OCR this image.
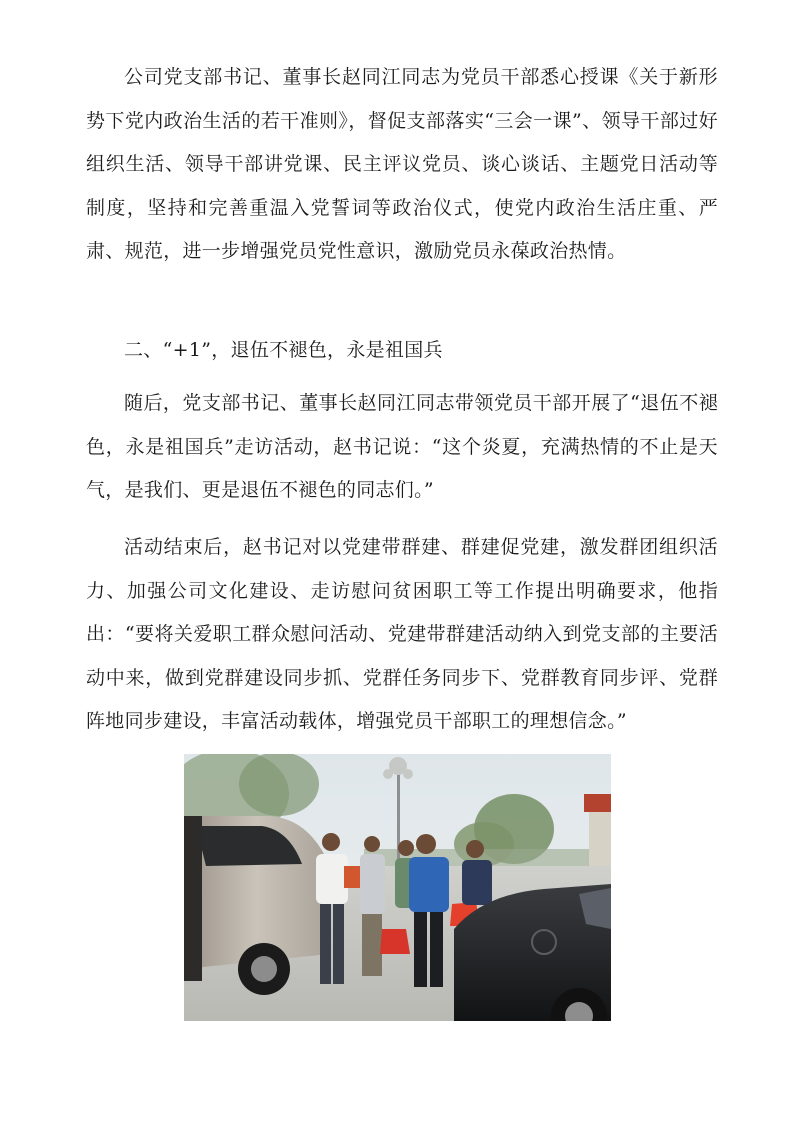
公司党支部书记、董事长赵同江同志为党员干部悉心授课《关于新形势下党内政治生活的若干准则》，督促支部落实“三会一课”、领导干部过好组织生活、领导干部讲党课、民主评议党员、谈心谈话、主题党日活动等制度，坚持和完善重温入党誓词等政治仪式，使党内政治生活庄重、严肃、规范，进一步增强党员党性意识，激励党员永葆政治热情。

二、“+1”，退伍不褪色，永是祖国兵

随后，党支部书记、董事长赵同江同志带领党员干部开展了“退伍不褪色，永是祖国兵”走访活动，赵书记说：“这个炎夏，充满热情的不止是天气，是我们、更是退伍不褪色的同志们。”

活动结束后，赵书记对以党建带群建、群建促党建，激发群团组织活力、加强公司文化建设、走访慰问贫困职工等工作提出明确要求，他指出：“要将关爱职工群众慰问活动、党建带群建活动纳入到党支部的主要活动中来，做到党群建设同步抓、党群任务同步下、党群教育同步评、党群阵地同步建设，丰富活动载体，增强党员干部职工的理想信念。”
